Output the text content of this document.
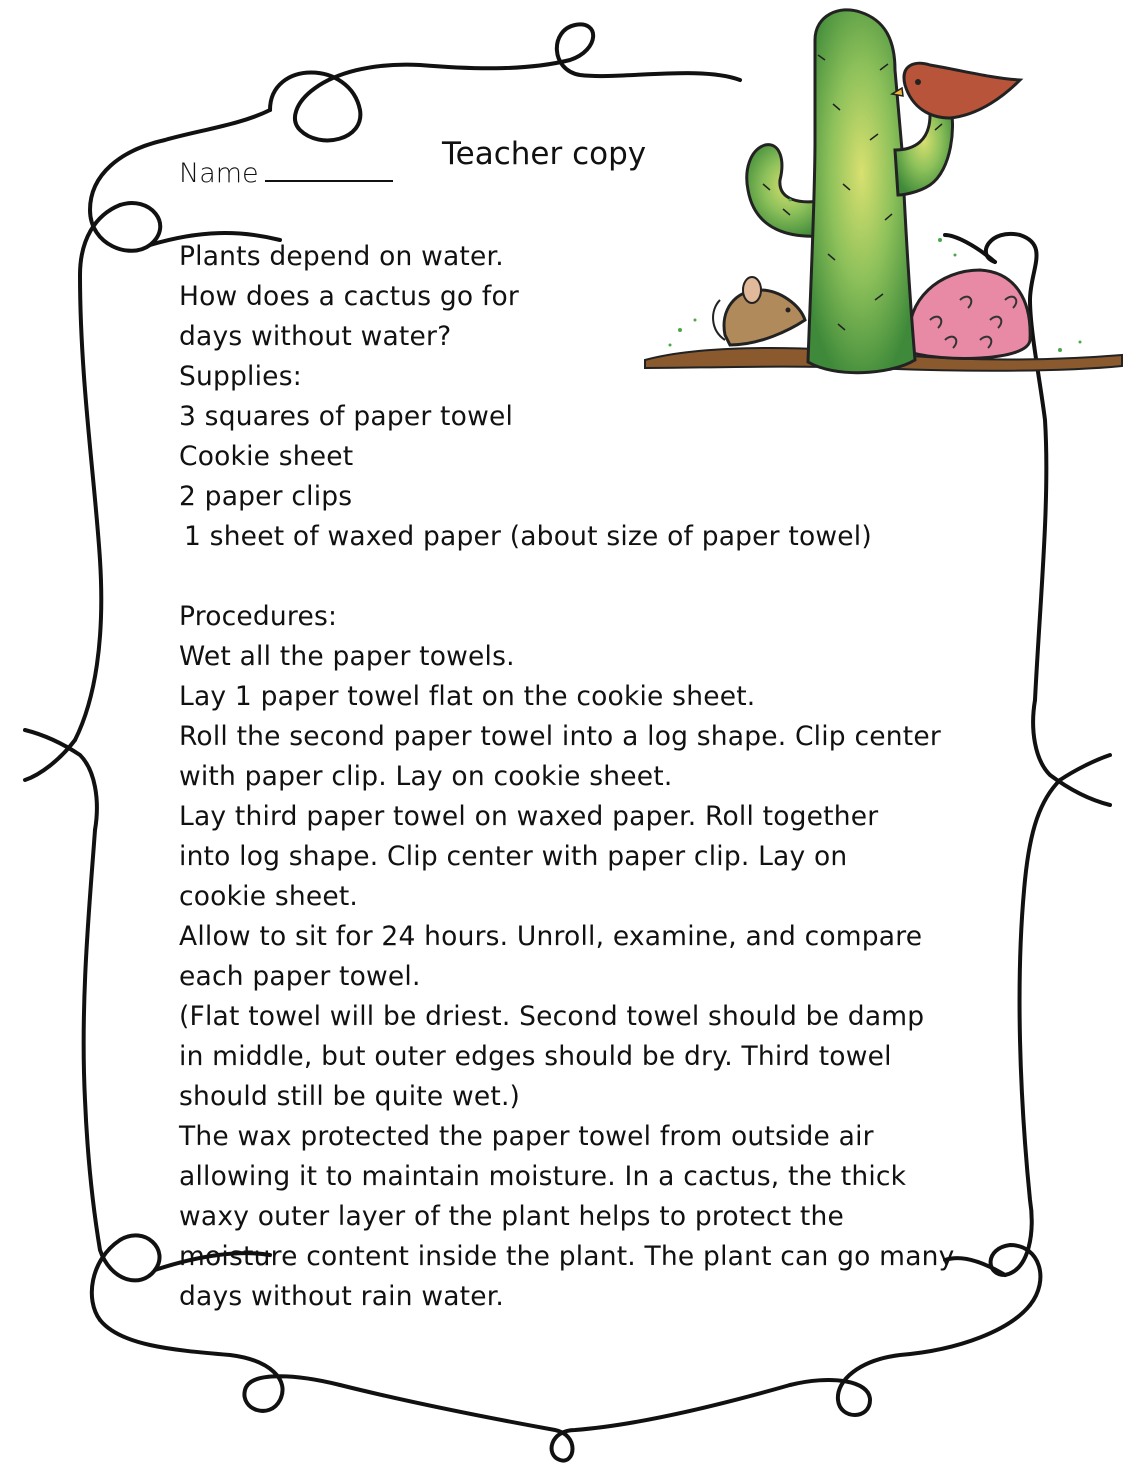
Teacher copy
Name
Plants depend on water.
How does a cactus go for
days without water?
Supplies:
3 squares of paper towel
Cookie sheet
2 paper clips
1 sheet of waxed paper (about size of paper towel)
Procedures:
Wet all the paper towels.
Lay 1 paper towel flat on the cookie sheet.
Roll the second paper towel into a log shape. Clip center
with paper clip. Lay on cookie sheet.
Lay third paper towel on waxed paper. Roll together
into log shape. Clip center with paper clip. Lay on
cookie sheet.
Allow to sit for 24 hours. Unroll, examine, and compare
each paper towel.
(Flat towel will be driest. Second towel should be damp
in middle, but outer edges should be dry. Third towel
should still be quite wet.)
The wax protected the paper towel from outside air
allowing it to maintain moisture. In a cactus, the thick
waxy outer layer of the plant helps to protect the
moisture content inside the plant. The plant can go many
days without rain water.
